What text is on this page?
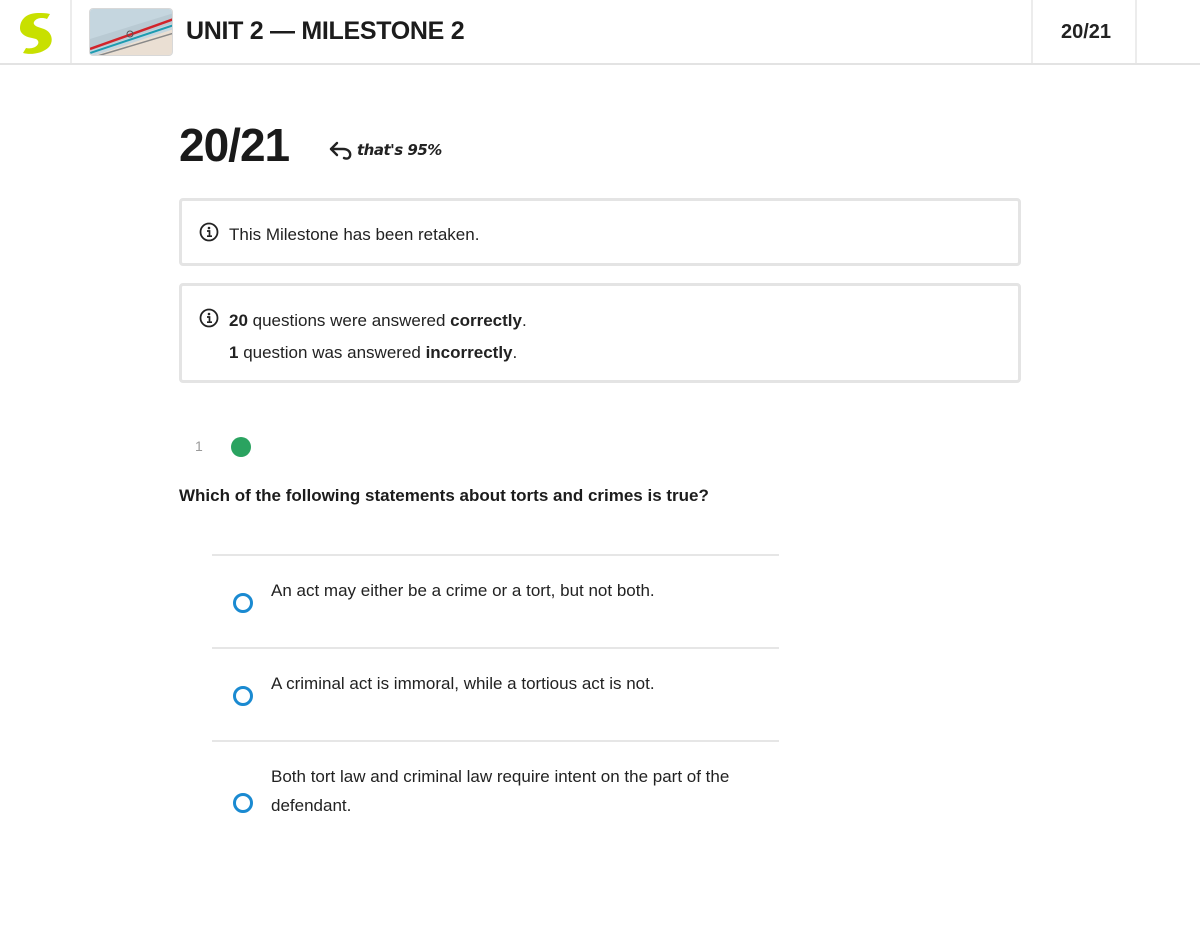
UNIT 2 — MILESTONE 2	20/21
20/21	that's 95%
This Milestone has been retaken.
20 questions were answered correctly.
1 question was answered incorrectly.
1
Which of the following statements about torts and crimes is true?
An act may either be a crime or a tort, but not both.
A criminal act is immoral, while a tortious act is not.
Both tort law and criminal law require intent on the part of the defendant.
